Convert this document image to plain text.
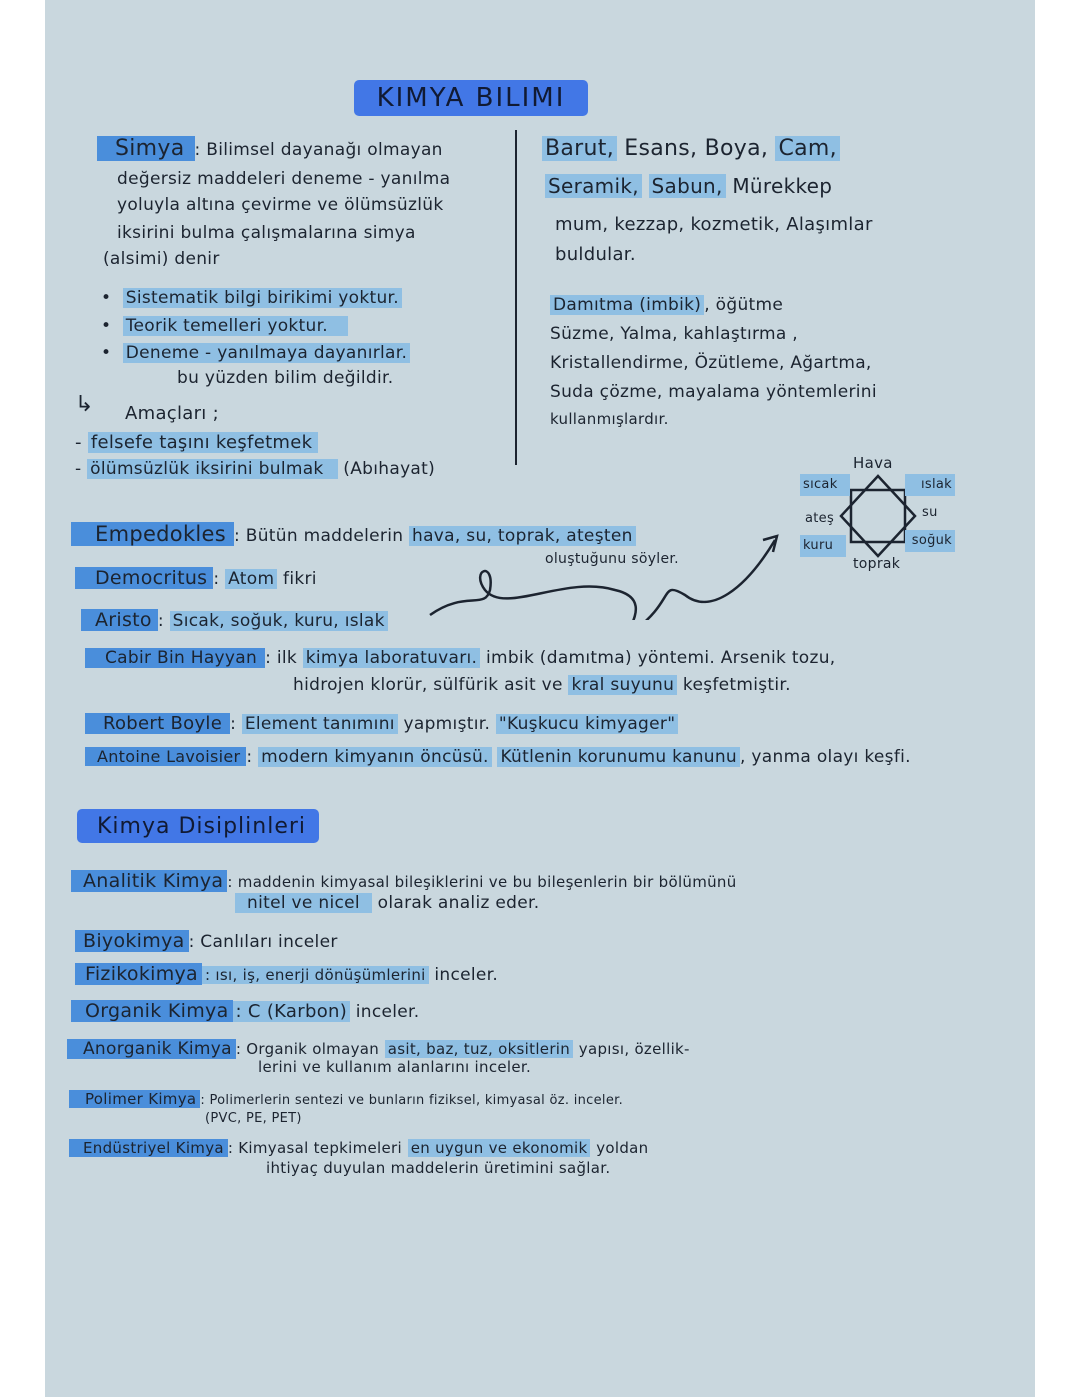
KIMYA BILIMI
Simya : Bilimsel dayanağı olmayan
değersiz maddeleri deneme - yanılma
yoluyla altına çevirme ve ölümsüzlük
iksirini bulma çalışmalarına simya
(alsimi) denir
•  Sistematik bilgi birikimi yoktur.
•  Teorik temelleri yoktur.
•  Deneme - yanılmaya dayanırlar.
bu yüzden bilim değildir.
↳ Amaçları ;
- felsefe taşını keşfetmek
- ölümsüzlük iksirini bulmak (Abıhayat)
Barut, Esans, Boya, Cam,
Seramik, Sabun, Mürekkep
mum, kezzap, kozmetik, Alaşımlar
buldular.
Damıtma (imbik) , öğütme
Süzme, Yalma, kahlaştırma ,
Kristallendirme, Özütleme, Ağartma,
Suda çözme, mayalama yöntemlerini
kullanmışlardır.
Hava
sıcak	ıslak
ateş	su
kuru	soğuk
toprak
Empedokles : Bütün maddelerin hava, su, toprak, ateşten
oluştuğunu söyler.
Democritus : Atom fikri
Aristo : Sıcak, soğuk, kuru, ıslak
Cabir Bin Hayyan : ilk kimya laboratuvarı. imbik (damıtma) yöntemi. Arsenik tozu,
hidrojen klorür, sülfürik asit ve kral suyunu keşfetmiştir.
Robert Boyle : Element tanımını yapmıştır. "Kuşkucu kimyager"
Antoine Lavoisier : modern kimyanın öncüsü. Kütlenin korunumu kanunu , yanma olayı keşfi.
Kimya Disiplinleri
Analitik Kimya : maddenin kimyasal bileşiklerini ve bu bileşenlerin bir bölümünü
nitel ve nicel olarak analiz eder.
Biyokimya : Canlıları inceler
Fizikokimya : ısı, iş, enerji dönüşümlerini inceler.
Organik Kimya : C (Karbon) inceler.
Anorganik Kimya : Organik olmayan asit, baz, tuz, oksitlerin yapısı, özellik-
lerini ve kullanım alanlarını inceler.
Polimer Kimya : Polimerlerin sentezi ve bunların fiziksel, kimyasal öz. inceler.
(PVC, PE, PET)
Endüstriyel Kimya : Kimyasal tepkimeleri en uygun ve ekonomik yoldan
ihtiyaç duyulan maddelerin üretimini sağlar.
